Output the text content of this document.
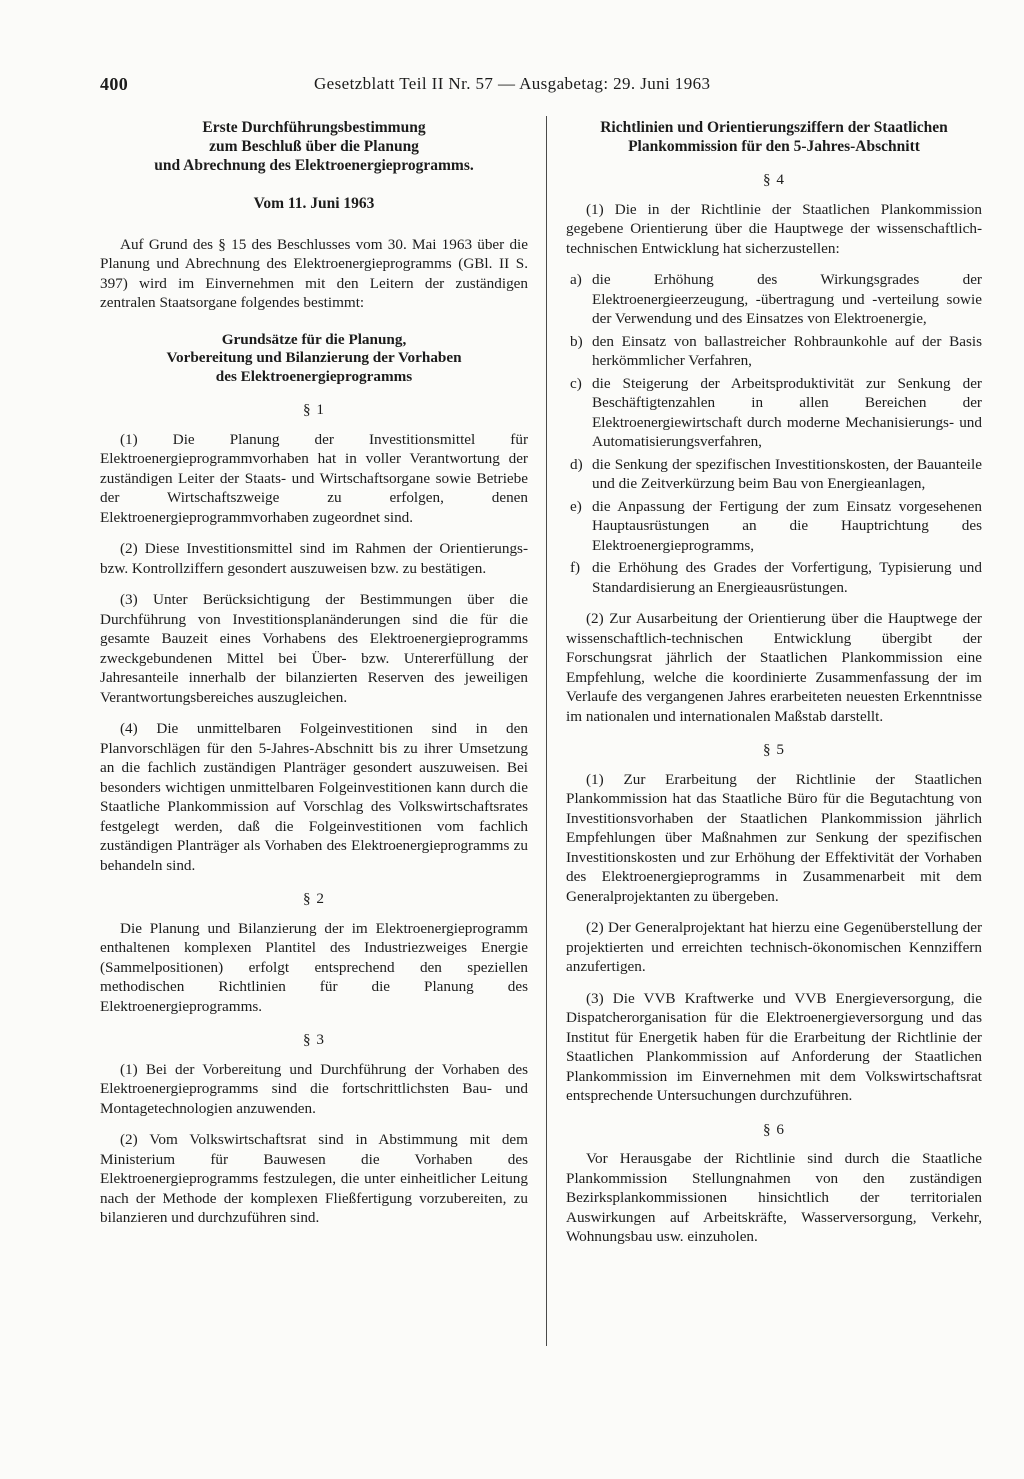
400	Gesetzblatt Teil II Nr. 57 — Ausgabetag: 29. Juni 1963
Erste Durchführungsbestimmung
zum Beschluß über die Planung
und Abrechnung des Elektroenergieprogramms.
Vom 11. Juni 1963

Auf Grund des § 15 des Beschlusses vom 30. Mai 1963 über die Planung und Abrechnung des Elektroenergieprogramms (GBl. II S. 397) wird im Einvernehmen mit den Leitern der zuständigen zentralen Staatsorgane folgendes bestimmt:

Grundsätze für die Planung,
Vorbereitung und Bilanzierung der Vorhaben
des Elektroenergieprogramms
§ 1

(1) Die Planung der Investitionsmittel für Elektroenergieprogrammvorhaben hat in voller Verantwortung der zuständigen Leiter der Staats- und Wirtschaftsorgane sowie Betriebe der Wirtschaftszweige zu erfolgen, denen Elektroenergieprogrammvorhaben zugeordnet sind.

(2) Diese Investitionsmittel sind im Rahmen der Orientierungs- bzw. Kontrollziffern gesondert auszuweisen bzw. zu bestätigen.

(3) Unter Berücksichtigung der Bestimmungen über die Durchführung von Investitionsplanänderungen sind die für die gesamte Bauzeit eines Vorhabens des Elektroenergieprogramms zweckgebundenen Mittel bei Über- bzw. Untererfüllung der Jahresanteile innerhalb der bilanzierten Reserven des jeweiligen Verantwortungsbereiches auszugleichen.

(4) Die unmittelbaren Folgeinvestitionen sind in den Planvorschlägen für den 5-Jahres-Abschnitt bis zu ihrer Umsetzung an die fachlich zuständigen Planträger gesondert auszuweisen. Bei besonders wichtigen unmittelbaren Folgeinvestitionen kann durch die Staatliche Plankommission auf Vorschlag des Volkswirtschaftsrates festgelegt werden, daß die Folgeinvestitionen vom fachlich zuständigen Planträger als Vorhaben des Elektroenergieprogramms zu behandeln sind.

§ 2

Die Planung und Bilanzierung der im Elektroenergieprogramm enthaltenen komplexen Plantitel des Industriezweiges Energie (Sammelpositionen) erfolgt entsprechend den speziellen methodischen Richtlinien für die Planung des Elektroenergieprogramms.

§ 3

(1) Bei der Vorbereitung und Durchführung der Vorhaben des Elektroenergieprogramms sind die fortschrittlichsten Bau- und Montagetechnologien anzuwenden.

(2) Vom Volkswirtschaftsrat sind in Abstimmung mit dem Ministerium für Bauwesen die Vorhaben des Elektroenergieprogramms festzulegen, die unter einheitlicher Leitung nach der Methode der komplexen Fließfertigung vorzubereiten, zu bilanzieren und durchzuführen sind.

Richtlinien und Orientierungsziffern der Staatlichen
Plankommission für den 5-Jahres-Abschnitt
§ 4

(1) Die in der Richtlinie der Staatlichen Plankommission gegebene Orientierung über die Hauptwege der wissenschaftlich-technischen Entwicklung hat sicherzustellen:

a) die Erhöhung des Wirkungsgrades der Elektroenergieerzeugung, -übertragung und -verteilung sowie der Verwendung und des Einsatzes von Elektroenergie,
b) den Einsatz von ballastreicher Rohbraunkohle auf der Basis herkömmlicher Verfahren,
c) die Steigerung der Arbeitsproduktivität zur Senkung der Beschäftigtenzahlen in allen Bereichen der Elektroenergiewirtschaft durch moderne Mechanisierungs- und Automatisierungsverfahren,
d) die Senkung der spezifischen Investitionskosten, der Bauanteile und die Zeitverkürzung beim Bau von Energieanlagen,
e) die Anpassung der Fertigung der zum Einsatz vorgesehenen Hauptausrüstungen an die Hauptrichtung des Elektroenergieprogramms,
f) die Erhöhung des Grades der Vorfertigung, Typisierung und Standardisierung an Energieausrüstungen.

(2) Zur Ausarbeitung der Orientierung über die Hauptwege der wissenschaftlich-technischen Entwicklung übergibt der Forschungsrat jährlich der Staatlichen Plankommission eine Empfehlung, welche die koordinierte Zusammenfassung der im Verlaufe des vergangenen Jahres erarbeiteten neuesten Erkenntnisse im nationalen und internationalen Maßstab darstellt.

§ 5

(1) Zur Erarbeitung der Richtlinie der Staatlichen Plankommission hat das Staatliche Büro für die Begutachtung von Investitionsvorhaben der Staatlichen Plankommission jährlich Empfehlungen über Maßnahmen zur Senkung der spezifischen Investitionskosten und zur Erhöhung der Effektivität der Vorhaben des Elektroenergieprogramms in Zusammenarbeit mit dem Generalprojektanten zu übergeben.

(2) Der Generalprojektant hat hierzu eine Gegenüberstellung der projektierten und erreichten technisch-ökonomischen Kennziffern anzufertigen.

(3) Die VVB Kraftwerke und VVB Energieversorgung, die Dispatcherorganisation für die Elektroenergieversorgung und das Institut für Energetik haben für die Erarbeitung der Richtlinie der Staatlichen Plankommission auf Anforderung der Staatlichen Plankommission im Einvernehmen mit dem Volkswirtschaftsrat entsprechende Untersuchungen durchzuführen.

§ 6

Vor Herausgabe der Richtlinie sind durch die Staatliche Plankommission Stellungnahmen von den zuständigen Bezirksplankommissionen hinsichtlich der territorialen Auswirkungen auf Arbeitskräfte, Wasserversorgung, Verkehr, Wohnungsbau usw. einzuholen.
